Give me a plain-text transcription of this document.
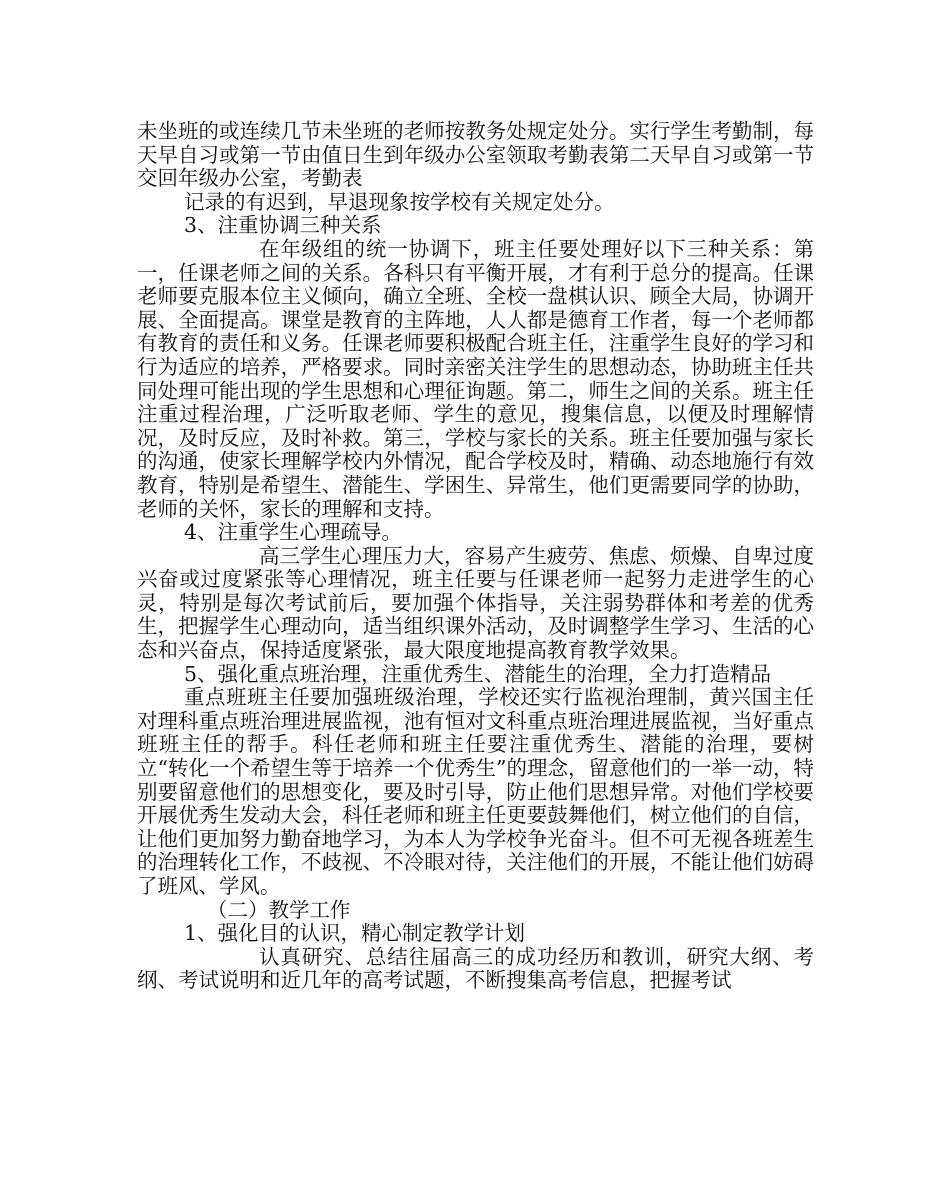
未坐班的或连续几节未坐班的老师按教务处规定处分。实行学生考勤制，每天早自习或第一节由值日生到年级办公室领取考勤表第二天早自习或第一节交回年级办公室，考勤表

记录的有迟到，早退现象按学校有关规定处分。

3、注重协调三种关系

在年级组的统一协调下，班主任要处理好以下三种关系：第一，任课老师之间的关系。各科只有平衡开展，才有利于总分的提高。任课老师要克服本位主义倾向，确立全班、全校一盘棋认识、顾全大局，协调开展、全面提高。课堂是教育的主阵地，人人都是德育工作者，每一个老师都有教育的责任和义务。任课老师要积极配合班主任，注重学生良好的学习和行为适应的培养，严格要求。同时亲密关注学生的思想动态，协助班主任共同处理可能出现的学生思想和心理征询题。第二，师生之间的关系。班主任注重过程治理，广泛听取老师、学生的意见，搜集信息，以便及时理解情况，及时反应，及时补救。第三，学校与家长的关系。班主任要加强与家长的沟通，使家长理解学校内外情况，配合学校及时，精确、动态地施行有效教育，特别是希望生、潜能生、学困生、异常生，他们更需要同学的协助，老师的关怀，家长的理解和支持。

4、注重学生心理疏导。

高三学生心理压力大，容易产生疲劳、焦虑、烦燥、自卑过度兴奋或过度紧张等心理情况，班主任要与任课老师一起努力走进学生的心灵，特别是每次考试前后，要加强个体指导，关注弱势群体和考差的优秀生，把握学生心理动向，适当组织课外活动，及时调整学生学习、生活的心态和兴奋点，保持适度紧张，最大限度地提高教育教学效果。

5、强化重点班治理，注重优秀生、潜能生的治理，全力打造精品

重点班班主任要加强班级治理，学校还实行监视治理制，黄兴国主任对理科重点班治理进展监视，池有恒对文科重点班治理进展监视，当好重点班班主任的帮手。科任老师和班主任要注重优秀生、潜能的治理，要树立“转化一个希望生等于培养一个优秀生”的理念，留意他们的一举一动，特别要留意他们的思想变化，要及时引导，防止他们思想异常。对他们学校要开展优秀生发动大会，科任老师和班主任更要鼓舞他们，树立他们的自信，让他们更加努力勤奋地学习，为本人为学校争光奋斗。但不可无视各班差生的治理转化工作，不歧视、不冷眼对待，关注他们的开展，不能让他们妨碍了班风、学风。

（二）教学工作

1、强化目的认识，精心制定教学计划

认真研究、总结往届高三的成功经历和教训，研究大纲、考纲、考试说明和近几年的高考试题，不断搜集高考信息，把握考试
